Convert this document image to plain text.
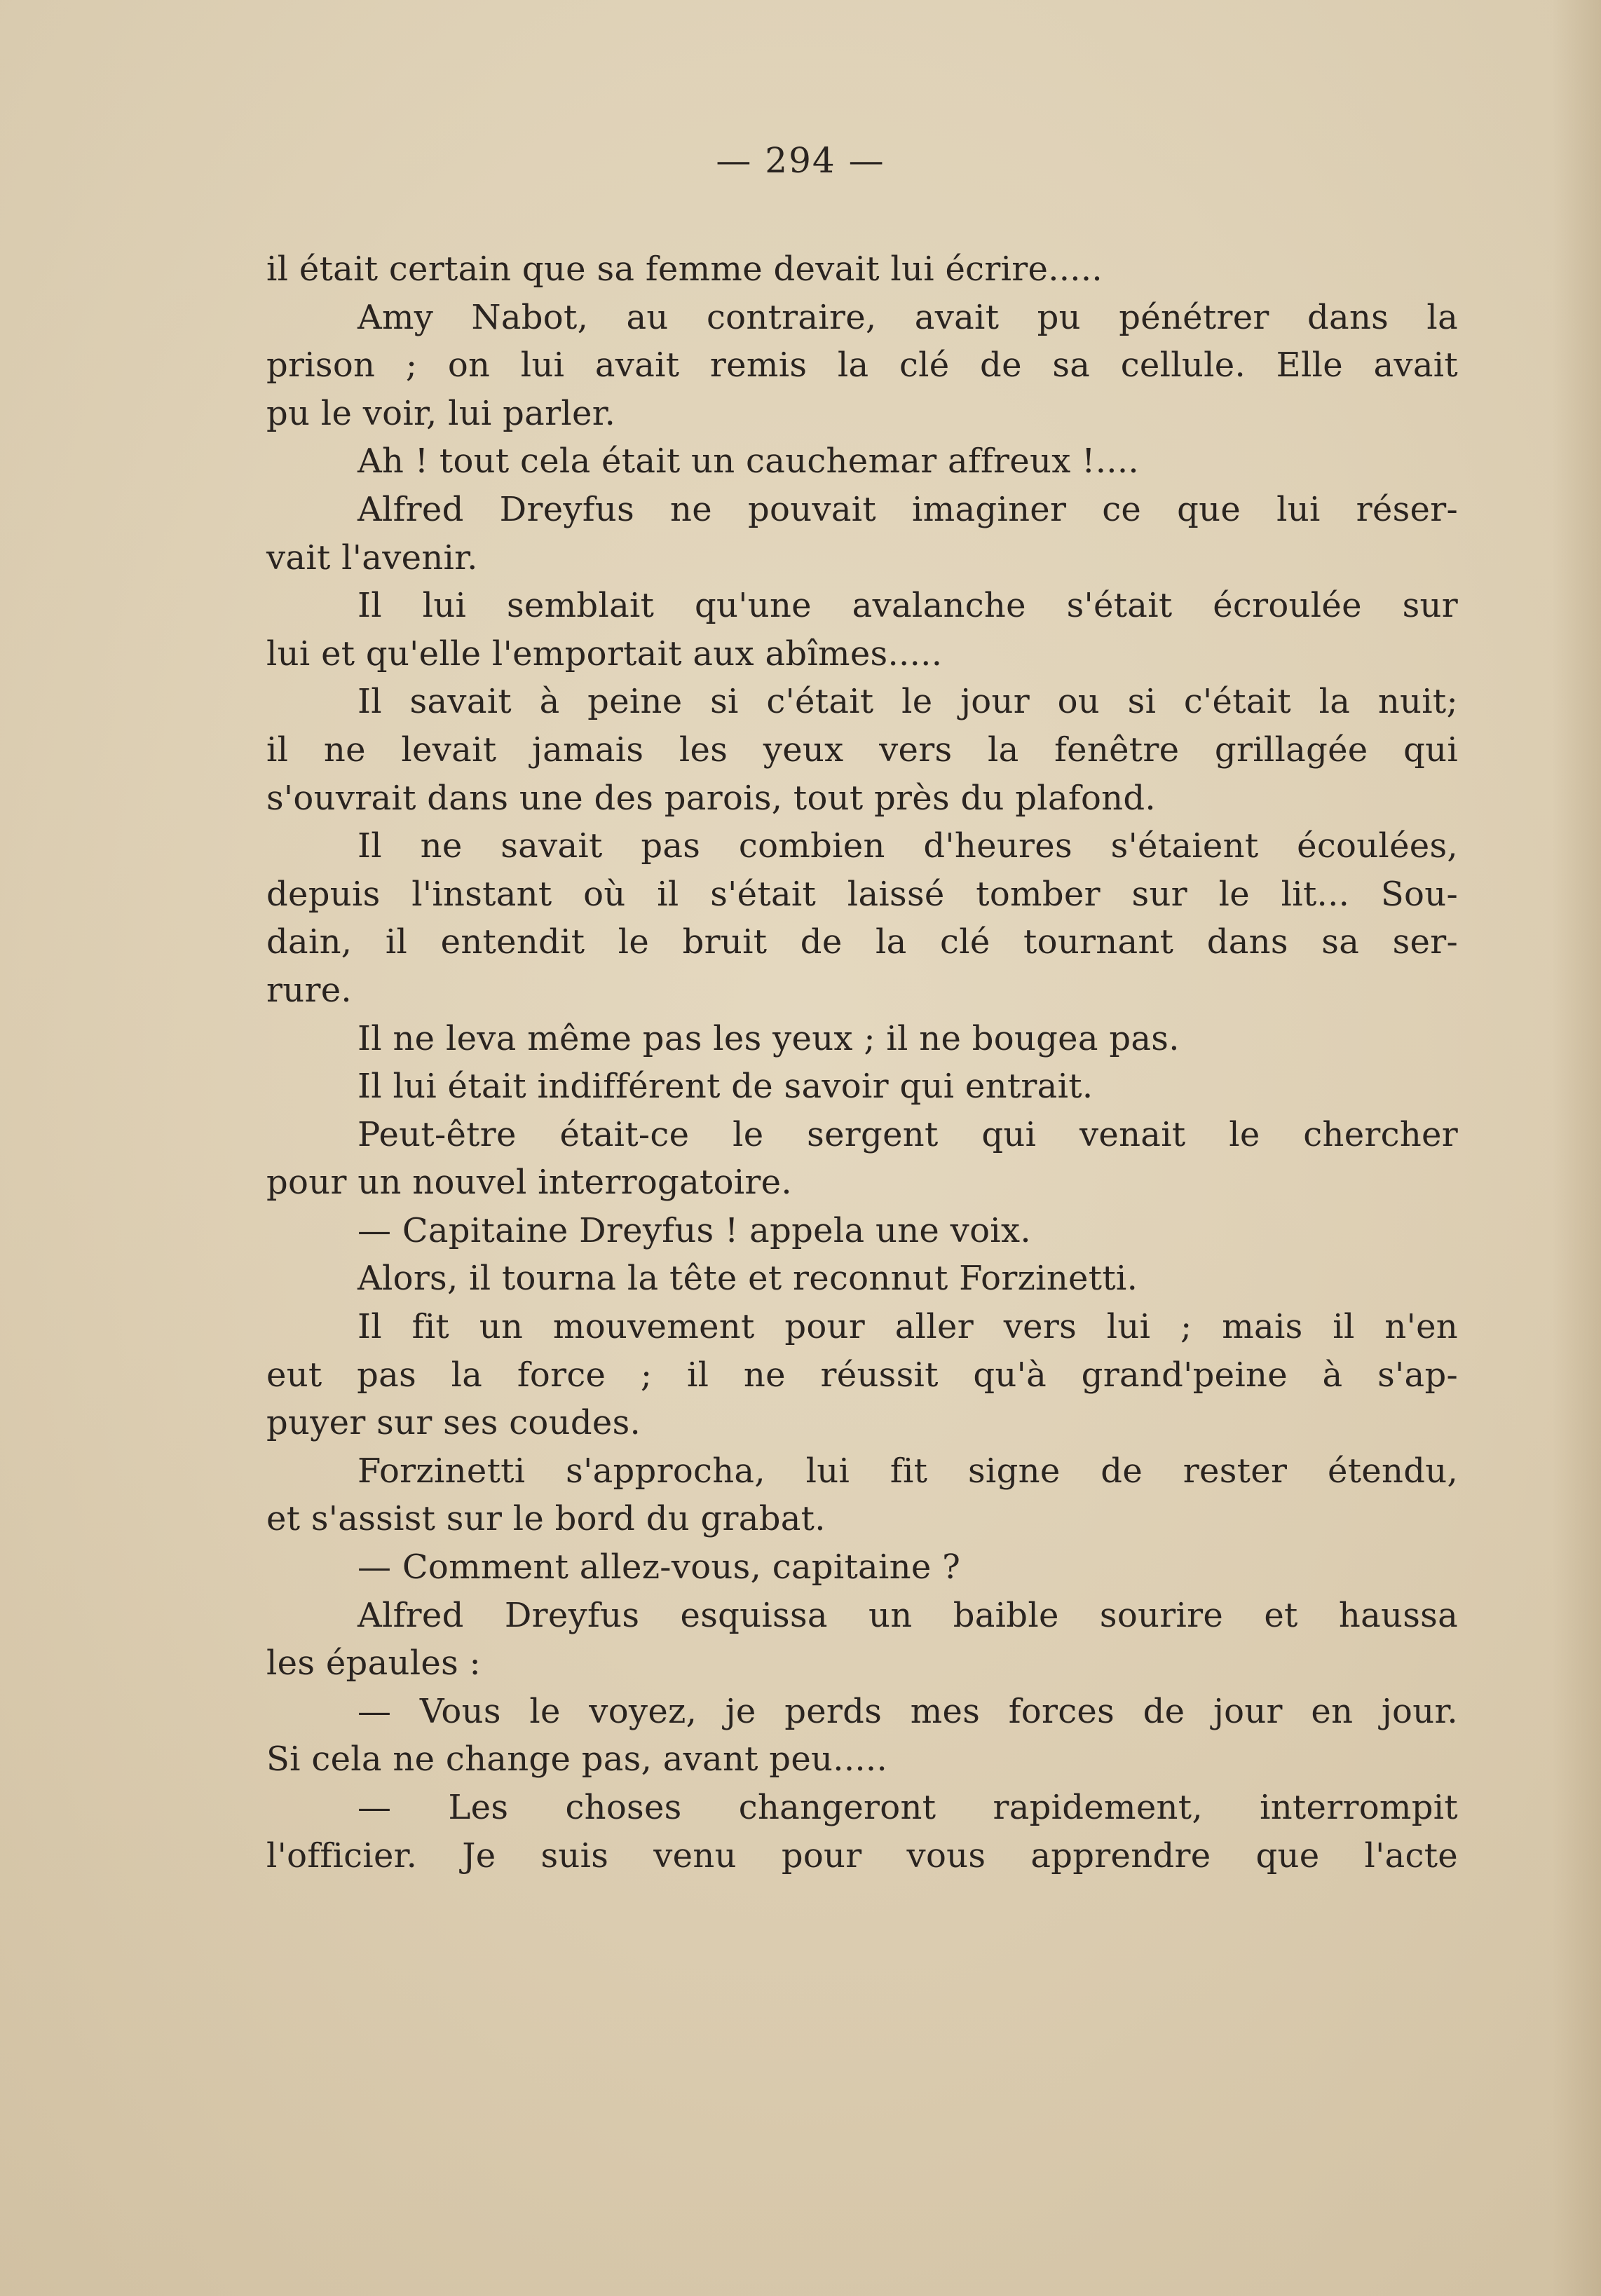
— 294 —
il était certain que sa femme devait lui écrire.....
Amy Nabot, au contraire, avait pu pénétrer dans la
prison ; on lui avait remis la clé de sa cellule. Elle avait
pu le voir, lui parler.
Ah ! tout cela était un cauchemar affreux !....
Alfred Dreyfus ne pouvait imaginer ce que lui réser-
vait l'avenir.
Il lui semblait qu'une avalanche s'était écroulée sur
lui et qu'elle l'emportait aux abîmes.....
Il savait à peine si c'était le jour ou si c'était la nuit;
il ne levait jamais les yeux vers la fenêtre grillagée qui
s'ouvrait dans une des parois, tout près du plafond.
Il ne savait pas combien d'heures s'étaient écoulées,
depuis l'instant où il s'était laissé tomber sur le lit... Sou-
dain, il entendit le bruit de la clé tournant dans sa ser-
rure.
Il ne leva même pas les yeux ; il ne bougea pas.
Il lui était indifférent de savoir qui entrait.
Peut-être était-ce le sergent qui venait le chercher
pour un nouvel interrogatoire.
— Capitaine Dreyfus ! appela une voix.
Alors, il tourna la tête et reconnut Forzinetti.
Il fit un mouvement pour aller vers lui ; mais il n'en
eut pas la force ; il ne réussit qu'à grand'peine à s'ap-
puyer sur ses coudes.
Forzinetti s'approcha, lui fit signe de rester étendu,
et s'assist sur le bord du grabat.
— Comment allez-vous, capitaine ?
Alfred Dreyfus esquissa un baible sourire et haussa
les épaules :
— Vous le voyez, je perds mes forces de jour en jour.
Si cela ne change pas, avant peu.....
— Les choses changeront rapidement, interrompit
l'officier. Je suis venu pour vous apprendre que l'acte
